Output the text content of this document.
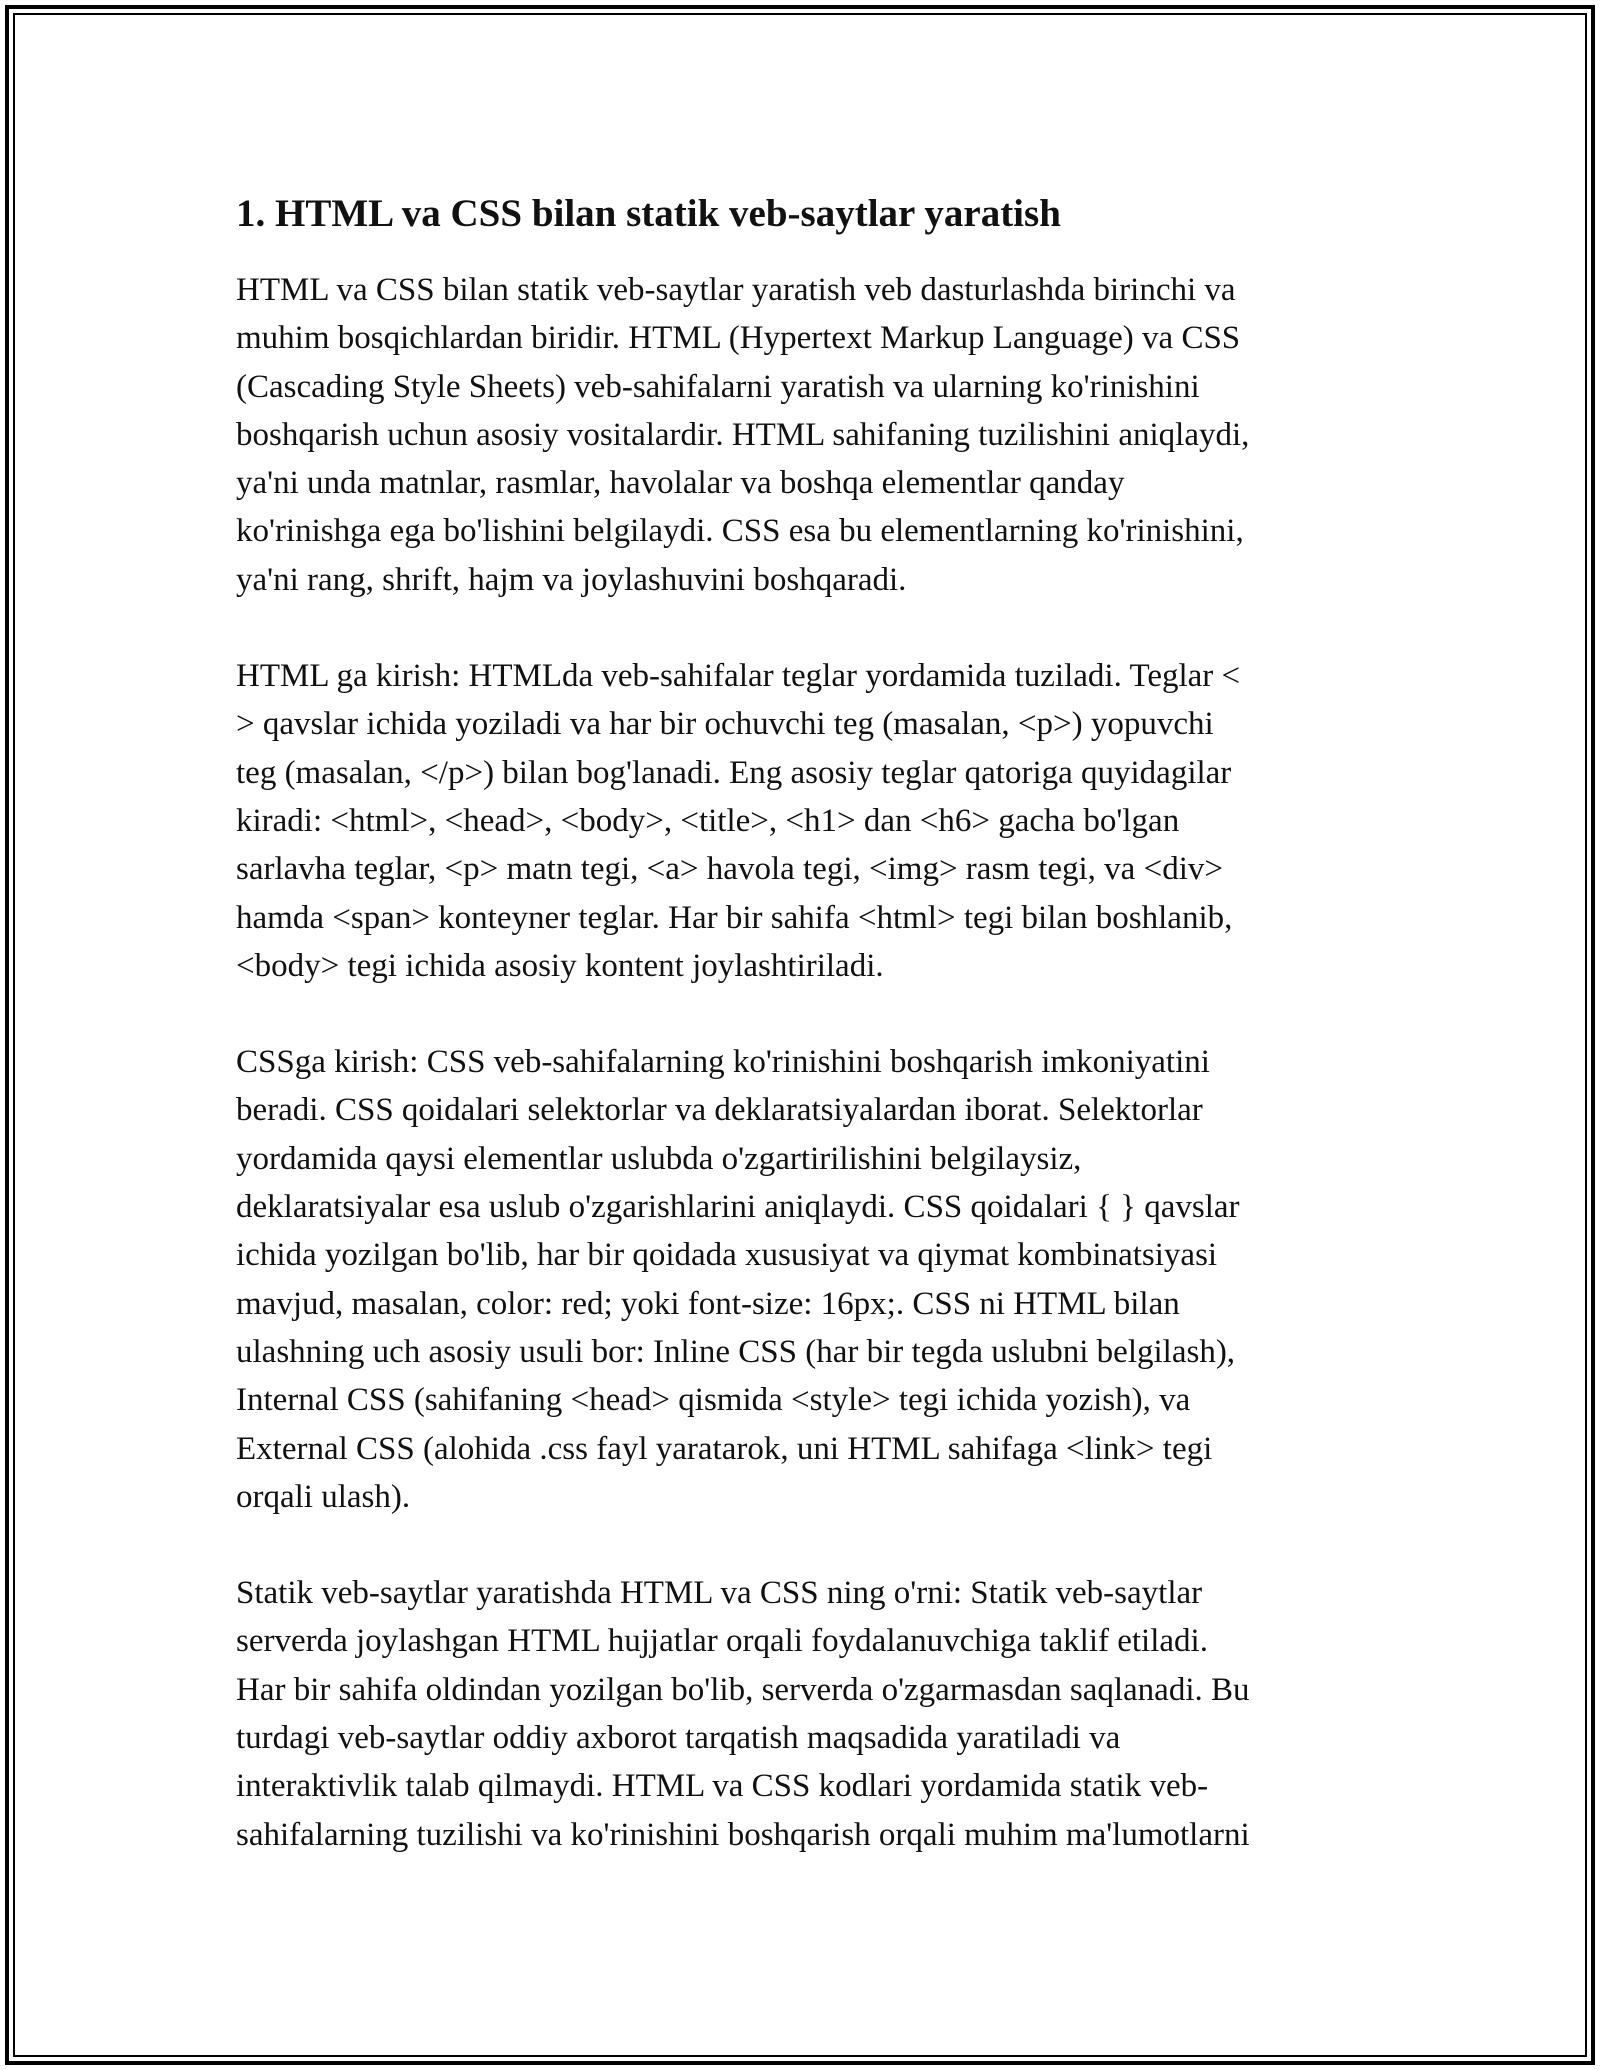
1. HTML va CSS bilan statik veb-saytlar yaratish

HTML va CSS bilan statik veb-saytlar yaratish veb dasturlashda birinchi va
muhim bosqichlardan biridir. HTML (Hypertext Markup Language) va CSS
(Cascading Style Sheets) veb-sahifalarni yaratish va ularning ko'rinishini
boshqarish uchun asosiy vositalardir. HTML sahifaning tuzilishini aniqlaydi,
ya'ni unda matnlar, rasmlar, havolalar va boshqa elementlar qanday
ko'rinishga ega bo'lishini belgilaydi. CSS esa bu elementlarning ko'rinishini,
ya'ni rang, shrift, hajm va joylashuvini boshqaradi.

HTML ga kirish: HTMLda veb-sahifalar teglar yordamida tuziladi. Teglar <
> qavslar ichida yoziladi va har bir ochuvchi teg (masalan, <p>) yopuvchi
teg (masalan, </p>) bilan bog'lanadi. Eng asosiy teglar qatoriga quyidagilar
kiradi: <html>, <head>, <body>, <title>, <h1> dan <h6> gacha bo'lgan
sarlavha teglar, <p> matn tegi, <a> havola tegi, <img> rasm tegi, va <div>
hamda <span> konteyner teglar. Har bir sahifa <html> tegi bilan boshlanib,
<body> tegi ichida asosiy kontent joylashtiriladi.

CSSga kirish: CSS veb-sahifalarning ko'rinishini boshqarish imkoniyatini
beradi. CSS qoidalari selektorlar va deklaratsiyalardan iborat. Selektorlar
yordamida qaysi elementlar uslubda o'zgartirilishini belgilaysiz,
deklaratsiyalar esa uslub o'zgarishlarini aniqlaydi. CSS qoidalari { } qavslar
ichida yozilgan bo'lib, har bir qoidada xususiyat va qiymat kombinatsiyasi
mavjud, masalan, color: red; yoki font-size: 16px;. CSS ni HTML bilan
ulashning uch asosiy usuli bor: Inline CSS (har bir tegda uslubni belgilash),
Internal CSS (sahifaning <head> qismida <style> tegi ichida yozish), va
External CSS (alohida .css fayl yaratarok, uni HTML sahifaga <link> tegi
orqali ulash).

Statik veb-saytlar yaratishda HTML va CSS ning o'rni: Statik veb-saytlar
serverda joylashgan HTML hujjatlar orqali foydalanuvchiga taklif etiladi.
Har bir sahifa oldindan yozilgan bo'lib, serverda o'zgarmasdan saqlanadi. Bu
turdagi veb-saytlar oddiy axborot tarqatish maqsadida yaratiladi va
interaktivlik talab qilmaydi. HTML va CSS kodlari yordamida statik veb-
sahifalarning tuzilishi va ko'rinishini boshqarish orqali muhim ma'lumotlarni
